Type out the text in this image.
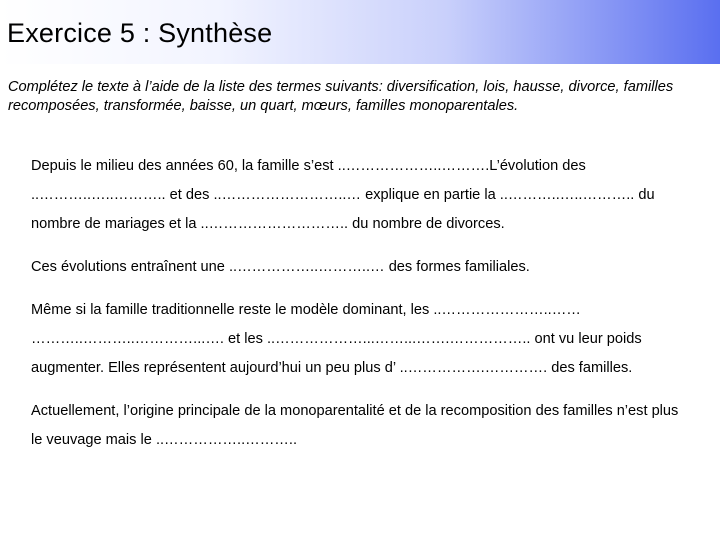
Exercice 5 : Synthèse

Complétez le texte à l’aide de la liste des termes suivants: diversification, lois, hausse, divorce, familles recomposées, transformée, baisse, un quart, mœurs, familles monoparentales.

Depuis le milieu des années 60, la famille s’est ..………………..……….L’évolution des ..………..…..……….. et des ..……………………..… explique en partie la ..………..…..……….. du nombre de mariages et la ..……………………….. du nombre de divorces.

Ces évolutions entraînent une ..……………..………..… des formes familiales.

Même si la famille traditionnelle reste le modèle dominant, les ..…………………..…… ………..………..…………...…. et les ..………………...……...…….…………….. ont vu leur poids augmenter. Elles représentent aujourd’hui un peu plus d’ ..…………….…………. des familles.

Actuellement, l’origine principale de la monoparentalité et de la recomposition des familles n’est plus le veuvage mais le ..……………..………..
